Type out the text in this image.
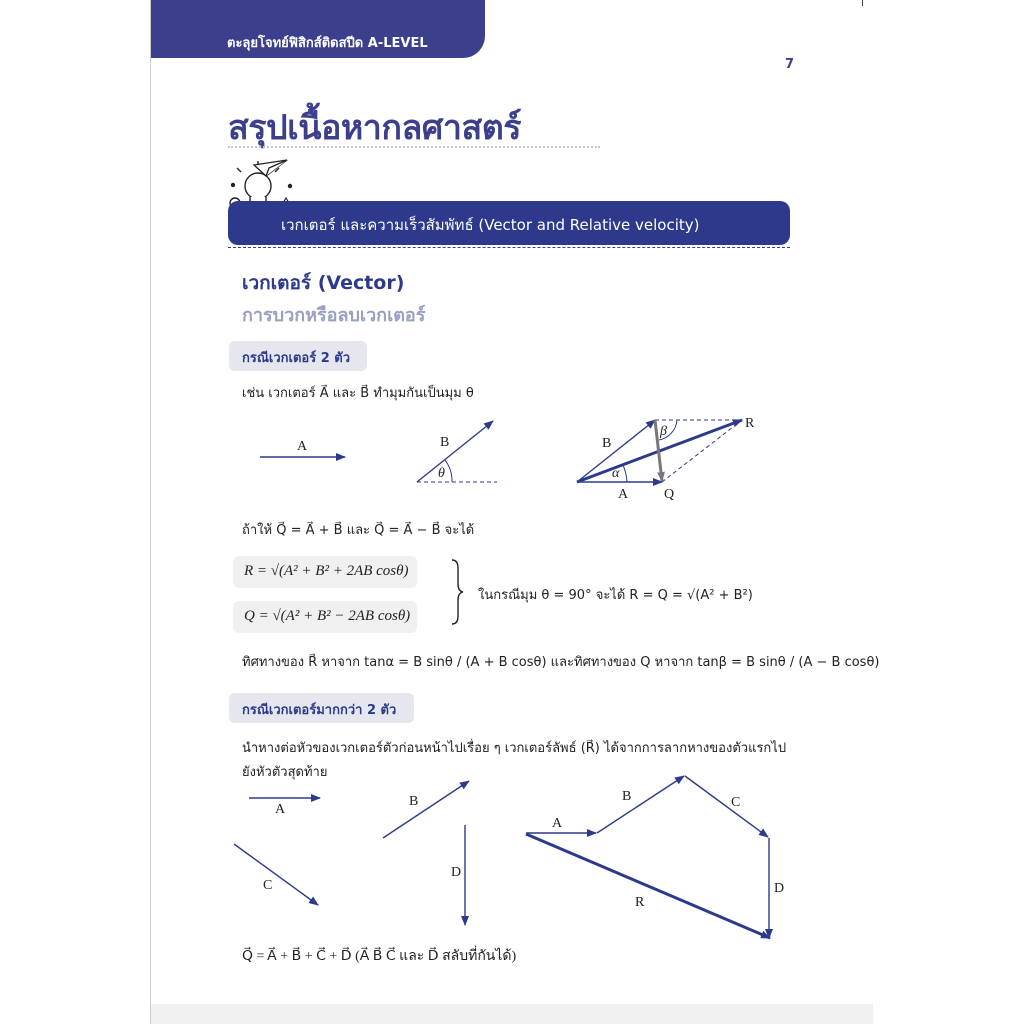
ตะลุยโจทย์ฟิสิกส์ติดสปีด A-LEVEL
7
สรุปเนื้อหากลศาสตร์
เวกเตอร์ และความเร็วสัมพัทธ์ (Vector and Relative velocity)
เวกเตอร์ (Vector)
การบวกหรือลบเวกเตอร์
กรณีเวกเตอร์ 2 ตัว
เช่น เวกเตอร์ A⃗ และ B⃗ ทำมุมกันเป็นมุม θ
A	B
θ
B
β
R
α
A	Q
ถ้าให้ Q⃗ = A⃗ + B⃗ และ Q⃗ = A⃗ − B⃗ จะได้
R = √(A² + B² + 2AB cosθ)
Q = √(A² + B² − 2AB cosθ)
ในกรณีมุม θ = 90° จะได้ R = Q = √(A² + B²)
ทิศทางของ R⃗ หาจาก tanα = B sinθ / (A + B cosθ) และทิศทางของ Q หาจาก tanβ = B sinθ / (A − B cosθ)
กรณีเวกเตอร์มากกว่า 2 ตัว
นำหางต่อหัวของเวกเตอร์ตัวก่อนหน้าไปเรื่อย ๆ เวกเตอร์ลัพธ์ (R⃗) ได้จากการลากหางของตัวแรกไป
ยังหัวตัวสุดท้าย
A
B
C
D
A
B	C
D
R
Q⃗ = A⃗ + B⃗ + C⃗ + D⃗ (A⃗ B⃗ C⃗ และ D⃗ สลับที่กันได้)
